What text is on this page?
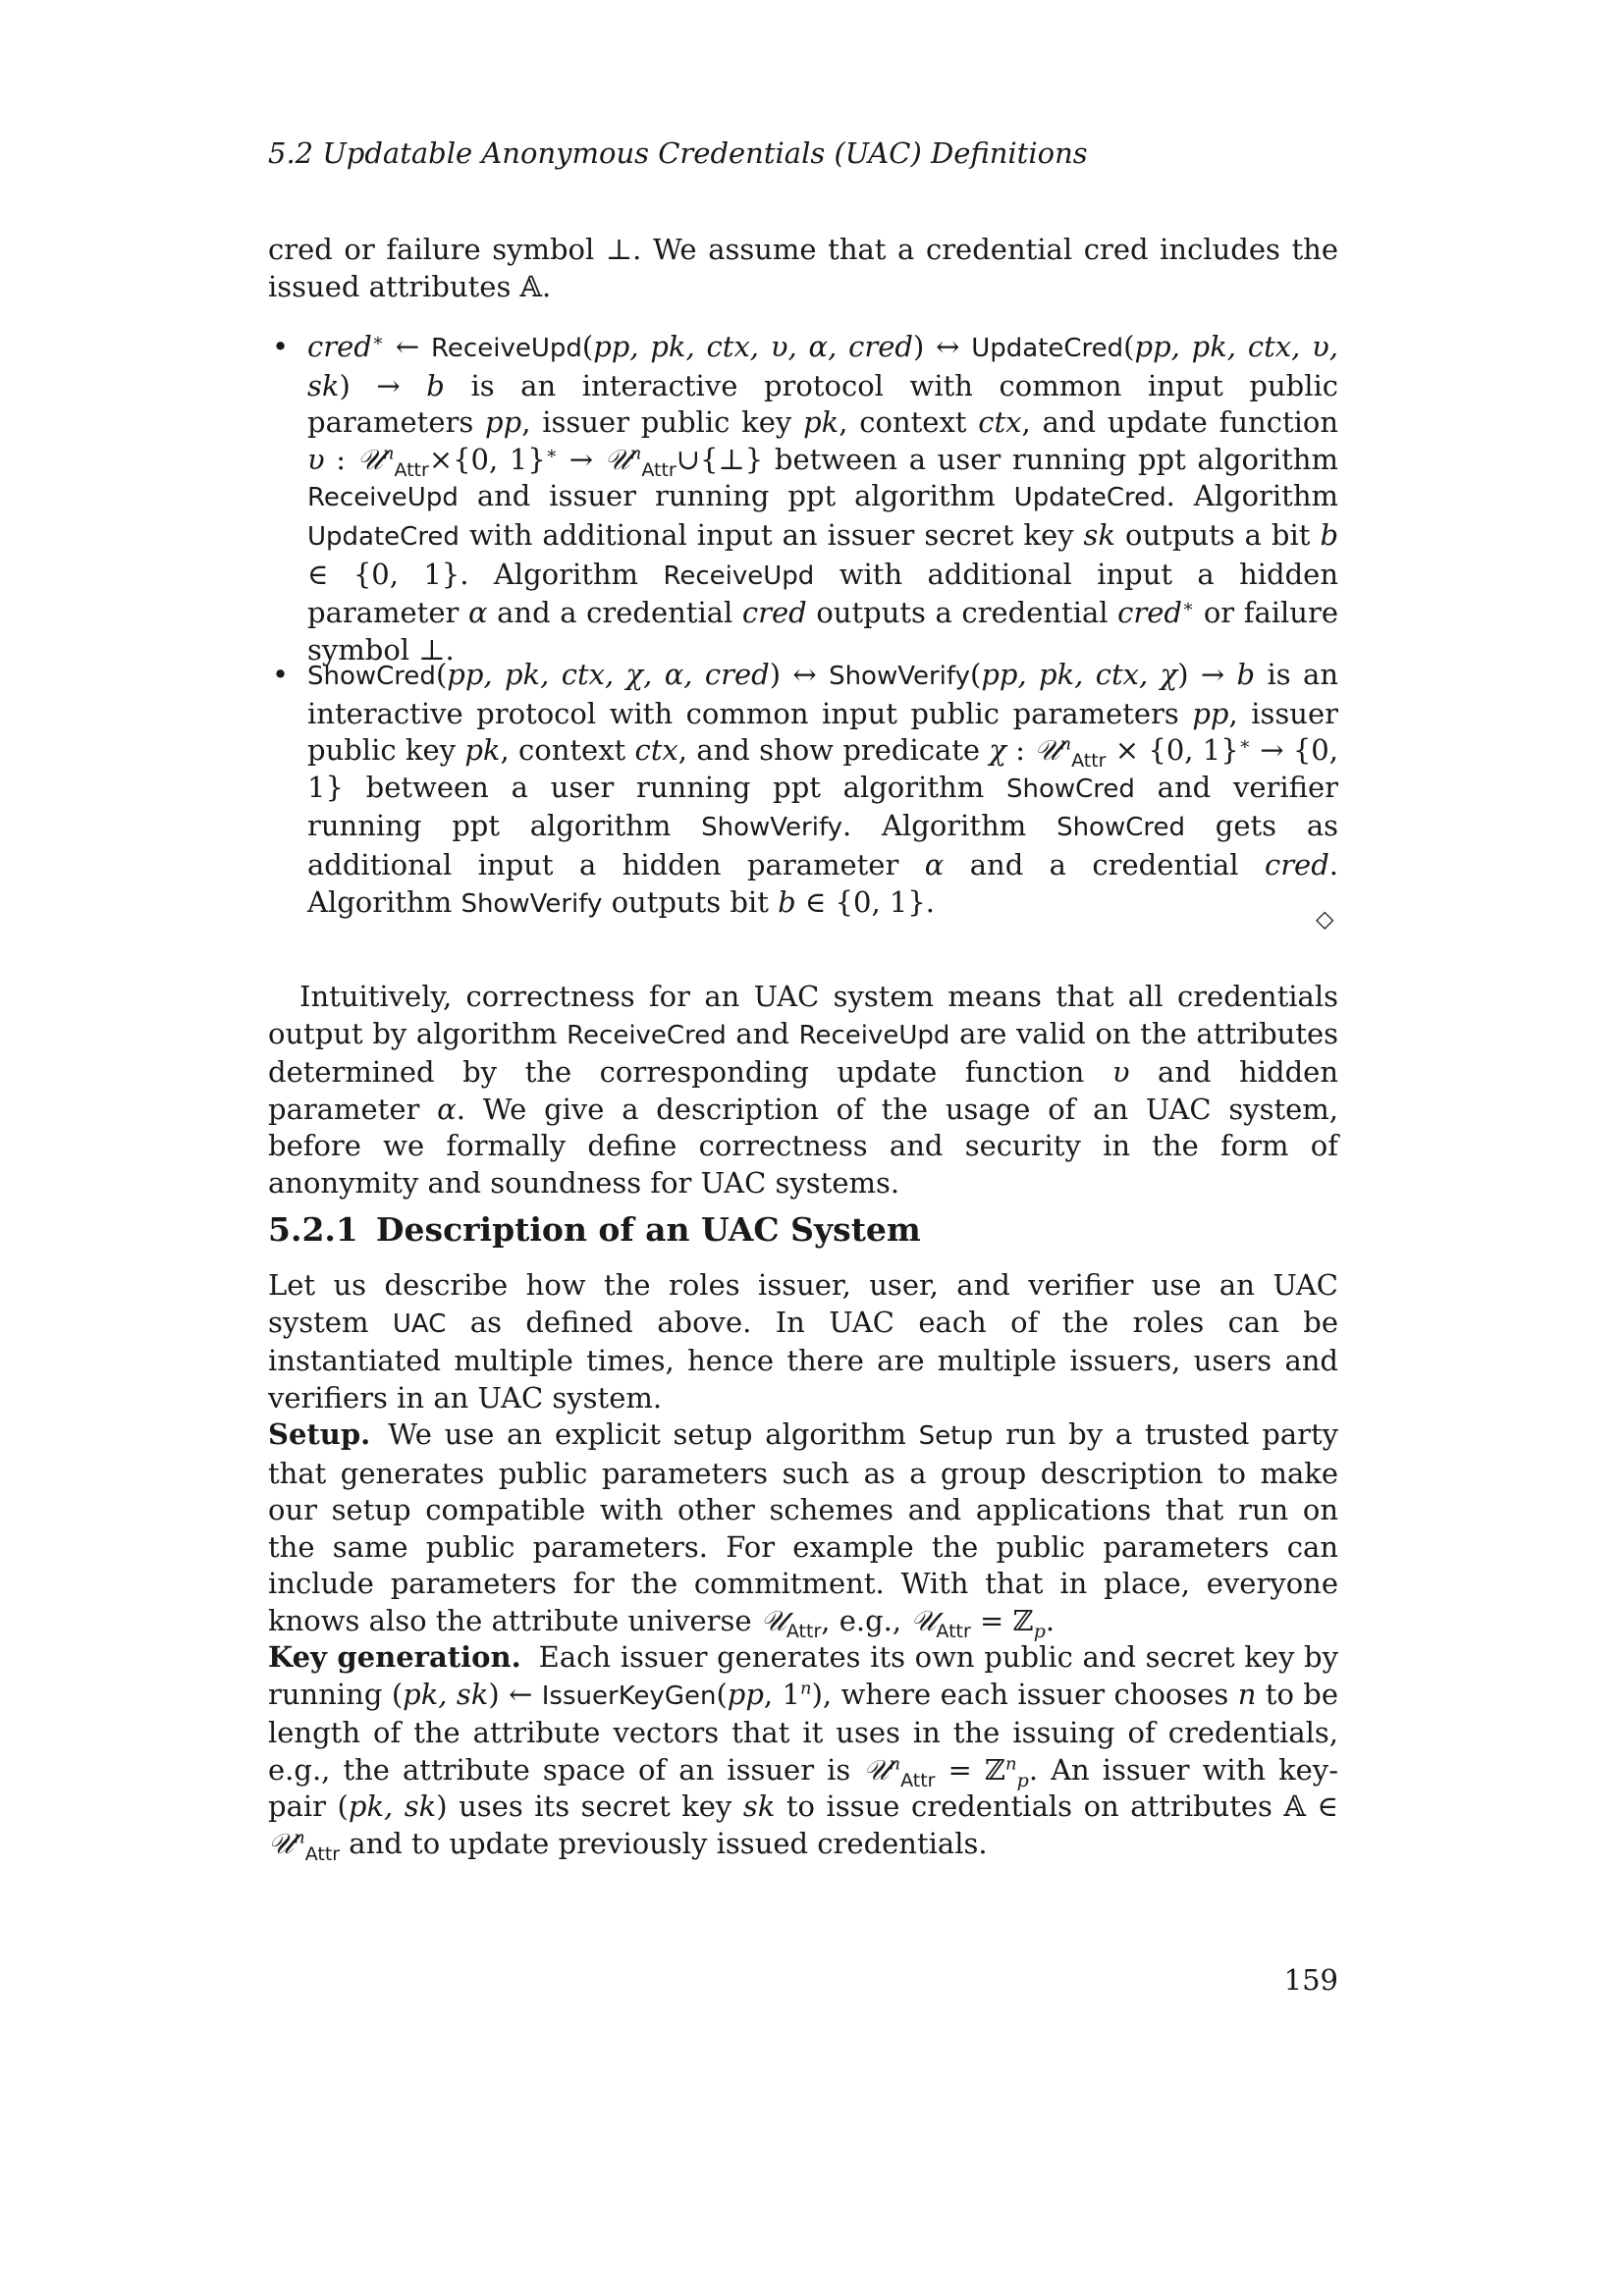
5.2 Updatable Anonymous Credentials (UAC) Definitions

cred or failure symbol ⊥. We assume that a credential cred includes the issued attributes 𝔸.

• cred∗ ← ReceiveUpd(pp, pk, ctx, υ, α, cred) ↔ UpdateCred(pp, pk, ctx, υ, sk) → b is an interactive protocol with common input public parameters pp, issuer public key pk, context ctx, and update function υ : 𝒰$^n_{Attr}$×{0, 1}∗ → 𝒰$^n_{Attr}$∪{⊥} between a user running ppt algorithm ReceiveUpd and issuer running ppt algorithm UpdateCred. Algorithm UpdateCred with additional input an issuer secret key sk outputs a bit b ∈ {0, 1}. Algorithm ReceiveUpd with additional input a hidden parameter α and a credential cred outputs a credential cred∗ or failure symbol ⊥.
• ShowCred(pp, pk, ctx, χ, α, cred) ↔ ShowVerify(pp, pk, ctx, χ) → b is an interactive protocol with common input public parameters pp, issuer public key pk, context ctx, and show predicate χ : 𝒰$^n_{Attr}$ × {0, 1}∗ → {0, 1} between a user running ppt algorithm ShowCred and verifier running ppt algorithm ShowVerify. Algorithm ShowCred gets as additional input a hidden parameter α and a credential cred. Algorithm ShowVerify outputs bit b ∈ {0, 1}.
◇

Intuitively, correctness for an UAC system means that all credentials output by algorithm ReceiveCred and ReceiveUpd are valid on the attributes determined by the corresponding update function υ and hidden parameter α. We give a description of the usage of an UAC system, before we formally define correctness and security in the form of anonymity and soundness for UAC systems.

5.2.1 Description of an UAC System

Let us describe how the roles issuer, user, and verifier use an UAC system UAC as defined above. In UAC each of the roles can be instantiated multiple times, hence there are multiple issuers, users and verifiers in an UAC system.

Setup. We use an explicit setup algorithm Setup run by a trusted party that generates public parameters such as a group description to make our setup compatible with other schemes and applications that run on the same public parameters. For example the public parameters can include parameters for the commitment. With that in place, everyone knows also the attribute universe 𝒰$_{Attr}$, e.g., 𝒰$_{Attr}$ = ℤ$_p$.

Key generation. Each issuer generates its own public and secret key by running (pk, sk) ← IssuerKeyGen(pp, 1$^n$), where each issuer chooses n to be length of the attribute vectors that it uses in the issuing of credentials, e.g., the attribute space of an issuer is 𝒰$^n_{Attr}$ = ℤ$^n_p$. An issuer with key-pair (pk, sk) uses its secret key sk to issue credentials on attributes 𝔸 ∈ 𝒰$^n_{Attr}$ and to update previously issued credentials.

159
